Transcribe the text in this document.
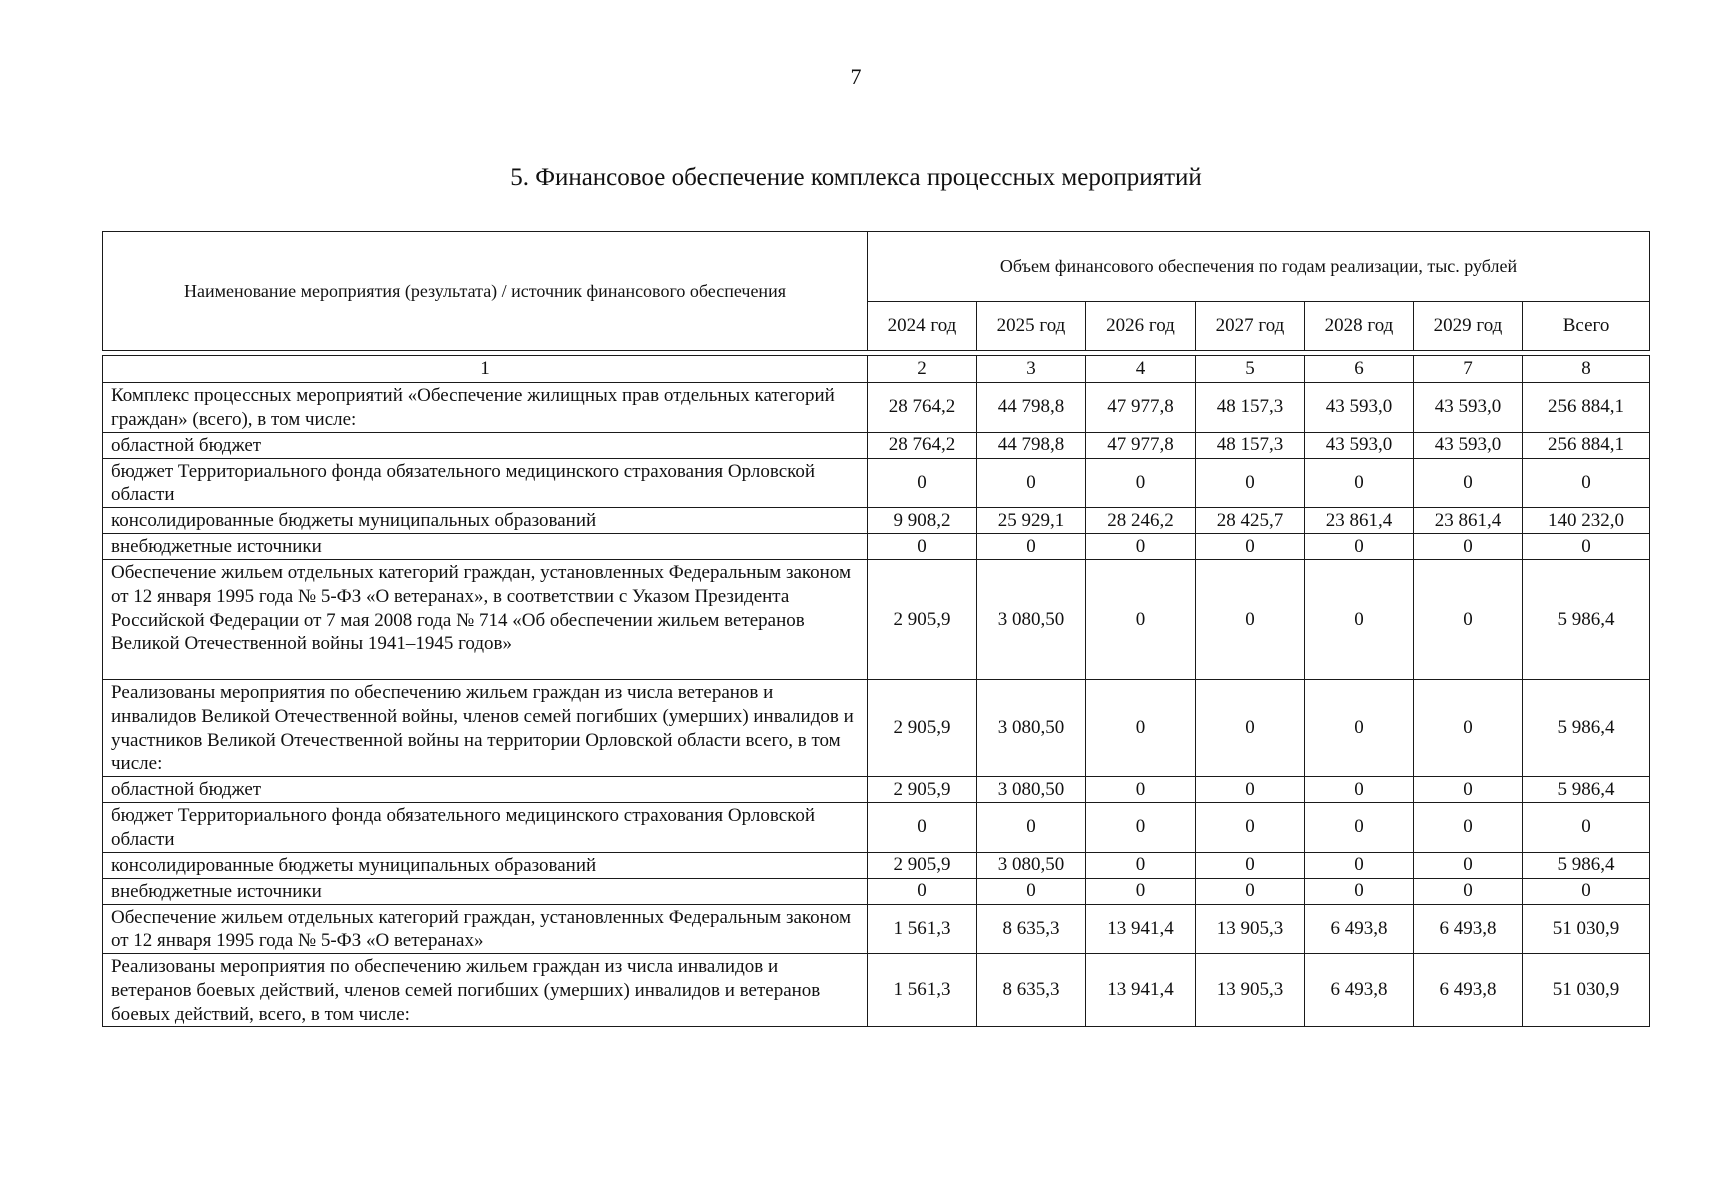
7
5. Финансовое обеспечение комплекса процессных мероприятий
Наименование мероприятия (результата) / источник финансового обеспечения	Объем финансового обеспечения по годам реализации, тыс. рублей						
	2024 год	2025 год	2026 год	2027 год	2028 год	2029 год	Всего

1	2	3	4	5	6	7	8
Комплекс процессных мероприятий «Обеспечение жилищных прав отдельных категорий граждан» (всего), в том числе:	28 764,2	44 798,8	47 977,8	48 157,3	43 593,0	43 593,0	256 884,1
областной бюджет	28 764,2	44 798,8	47 977,8	48 157,3	43 593,0	43 593,0	256 884,1
бюджет Территориального фонда обязательного медицинского страхования Орловской области	0	0	0	0	0	0	0
консолидированные бюджеты муниципальных образований	9 908,2	25 929,1	28 246,2	28 425,7	23 861,4	23 861,4	140 232,0
внебюджетные источники	0	0	0	0	0	0	0
Обеспечение жильем отдельных категорий граждан, установленных Федеральным законом от 12 января 1995 года № 5-ФЗ «О ветеранах», в соответствии с Указом Президента Российской Федерации от 7 мая 2008 года № 714 «Об обеспечении жильем ветеранов Великой Отечественной войны 1941–1945 годов»	2 905,9	3 080,50	0	0	0	0	5 986,4
Реализованы мероприятия по обеспечению жильем граждан из числа ветеранов и инвалидов Великой Отечественной войны, членов семей погибших (умерших) инвалидов и участников Великой Отечественной войны на территории Орловской области всего, в том числе:	2 905,9	3 080,50	0	0	0	0	5 986,4
областной бюджет	2 905,9	3 080,50	0	0	0	0	5 986,4
бюджет Территориального фонда обязательного медицинского страхования Орловской области	0	0	0	0	0	0	0
консолидированные бюджеты муниципальных образований	2 905,9	3 080,50	0	0	0	0	5 986,4
внебюджетные источники	0	0	0	0	0	0	0
Обеспечение жильем отдельных категорий граждан, установленных Федеральным законом от 12 января 1995 года № 5-ФЗ «О ветеранах»	1 561,3	8 635,3	13 941,4	13 905,3	6 493,8	6 493,8	51 030,9
Реализованы мероприятия по обеспечению жильем граждан из числа инвалидов и ветеранов боевых действий, членов семей погибших (умерших) инвалидов и ветеранов боевых действий, всего, в том числе:	1 561,3	8 635,3	13 941,4	13 905,3	6 493,8	6 493,8	51 030,9
